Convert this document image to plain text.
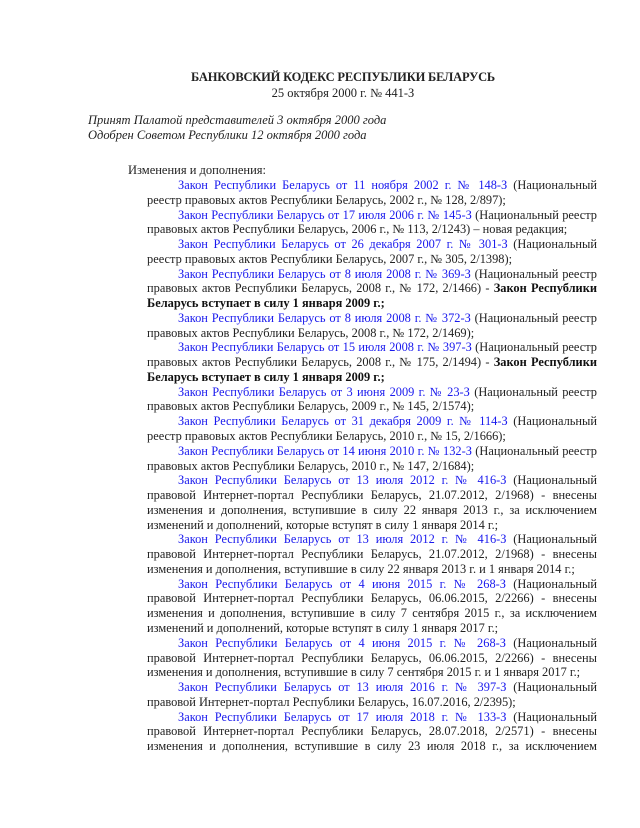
БАНКОВСКИЙ КОДЕКС РЕСПУБЛИКИ БЕЛАРУСЬ
25 октября 2000 г. № 441-З
Принят Палатой представителей 3 октября 2000 года
Одобрен Советом Республики 12 октября 2000 года
Изменения и дополнения:

Закон Республики Беларусь от 11 ноября 2002 г. № 148-З (Национальный реестр правовых актов Республики Беларусь, 2002 г., № 128, 2/897);

Закон Республики Беларусь от 17 июля 2006 г. № 145-З (Национальный реестр правовых актов Республики Беларусь, 2006 г., № 113, 2/1243) – новая редакция;

Закон Республики Беларусь от 26 декабря 2007 г. № 301-З (Национальный реестр правовых актов Республики Беларусь, 2007 г., № 305, 2/1398);

Закон Республики Беларусь от 8 июля 2008 г. № 369-З (Национальный реестр правовых актов Республики Беларусь, 2008 г., № 172, 2/1466) - Закон Республики Беларусь вступает в силу 1 января 2009 г.;

Закон Республики Беларусь от 8 июля 2008 г. № 372-З (Национальный реестр правовых актов Республики Беларусь, 2008 г., № 172, 2/1469);

Закон Республики Беларусь от 15 июля 2008 г. № 397-З (Национальный реестр правовых актов Республики Беларусь, 2008 г., № 175, 2/1494) - Закон Республики Беларусь вступает в силу 1 января 2009 г.;

Закон Республики Беларусь от 3 июня 2009 г. № 23-З (Национальный реестр правовых актов Республики Беларусь, 2009 г., № 145, 2/1574);

Закон Республики Беларусь от 31 декабря 2009 г. № 114-З (Национальный реестр правовых актов Республики Беларусь, 2010 г., № 15, 2/1666);

Закон Республики Беларусь от 14 июня 2010 г. № 132-З (Национальный реестр правовых актов Республики Беларусь, 2010 г., № 147, 2/1684);

Закон Республики Беларусь от 13 июля 2012 г. № 416-З (Национальный правовой Интернет-портал Республики Беларусь, 21.07.2012, 2/1968) - внесены изменения и дополнения, вступившие в силу 22 января 2013 г., за исключением изменений и дополнений, которые вступят в силу 1 января 2014 г.;

Закон Республики Беларусь от 13 июля 2012 г. № 416-З (Национальный правовой Интернет-портал Республики Беларусь, 21.07.2012, 2/1968) - внесены изменения и дополнения, вступившие в силу 22 января 2013 г. и 1 января 2014 г.;

Закон Республики Беларусь от 4 июня 2015 г. № 268-З (Национальный правовой Интернет-портал Республики Беларусь, 06.06.2015, 2/2266) - внесены изменения и дополнения, вступившие в силу 7 сентября 2015 г., за исключением изменений и дополнений, которые вступят в силу 1 января 2017 г.;

Закон Республики Беларусь от 4 июня 2015 г. № 268-З (Национальный правовой Интернет-портал Республики Беларусь, 06.06.2015, 2/2266) - внесены изменения и дополнения, вступившие в силу 7 сентября 2015 г. и 1 января 2017 г.;

Закон Республики Беларусь от 13 июля 2016 г. № 397-З (Национальный правовой Интернет-портал Республики Беларусь, 16.07.2016, 2/2395);

Закон Республики Беларусь от 17 июля 2018 г. № 133-З (Национальный правовой Интернет-портал Республики Беларусь, 28.07.2018, 2/2571) - внесены изменения и дополнения, вступившие в силу 23 июля 2018 г., за исключением
